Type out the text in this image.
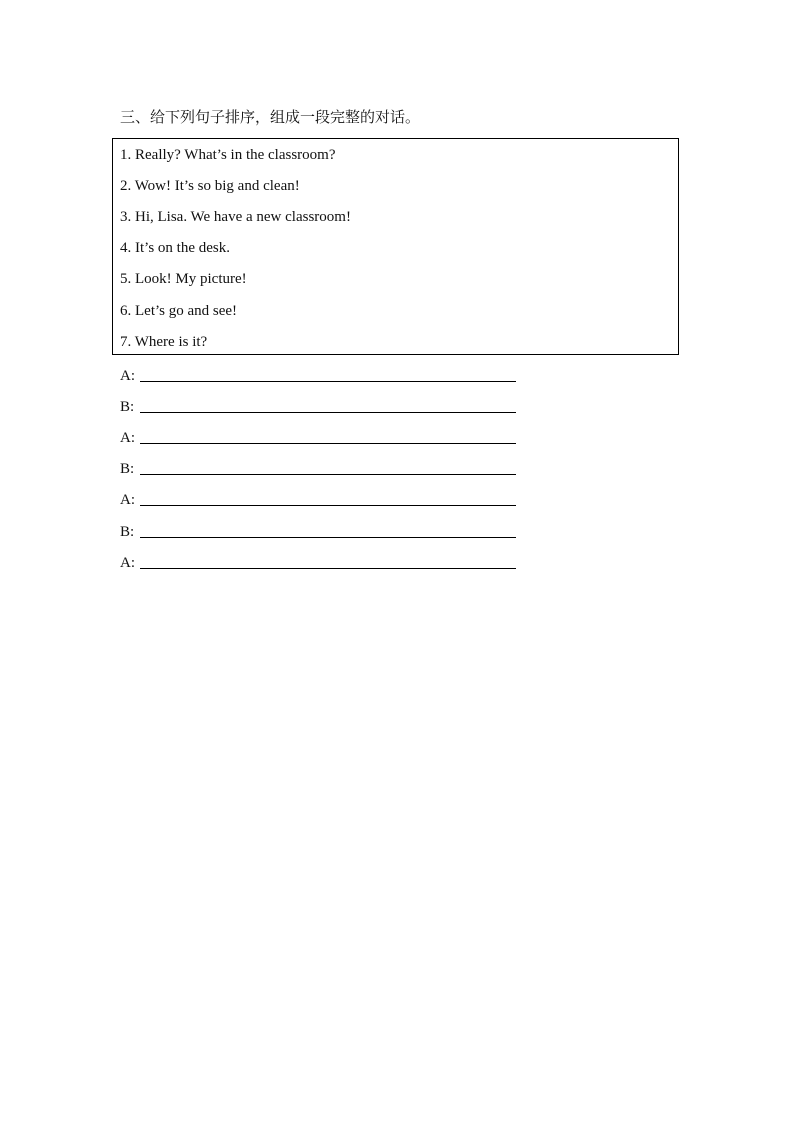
三、给下列句子排序，组成一段完整的对话。
1. Really? What’s in the classroom?
2. Wow! It’s so big and clean!
3. Hi, Lisa. We have a new classroom!
4. It’s on the desk.
5. Look! My picture!
6. Let’s go and see!
7. Where is it?
A:
B:
A:
B:
A:
B:
A:
